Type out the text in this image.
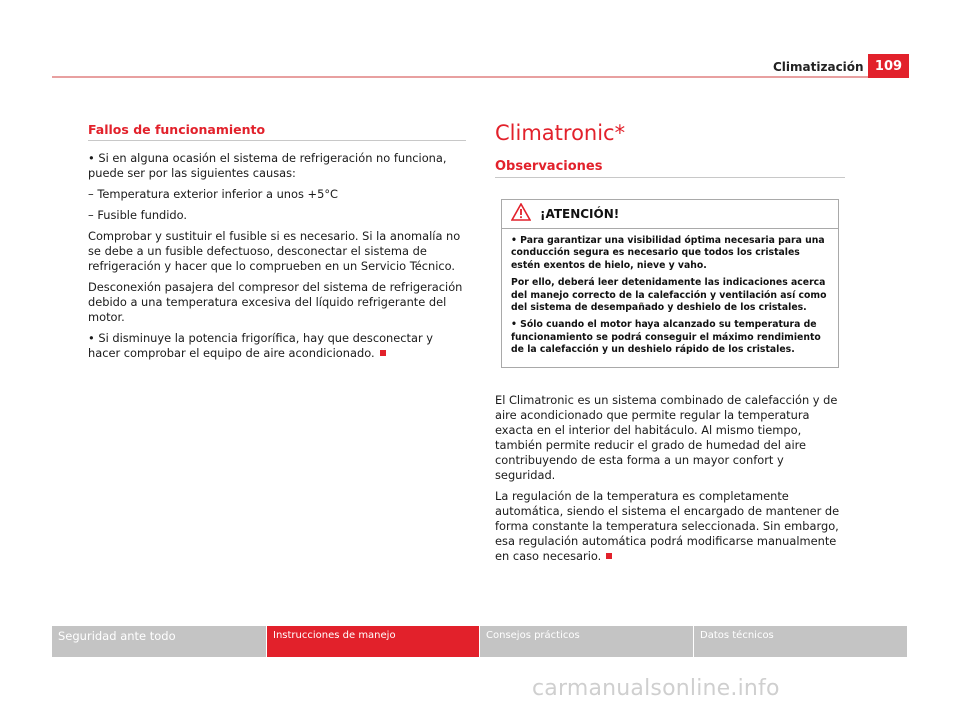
Climatización 109
Fallos de funcionamiento

• Si en alguna ocasión el sistema de refrigeración no funciona, puede ser por las siguientes causas:

– Temperatura exterior inferior a unos +5°C

– Fusible fundido.

Comprobar y sustituir el fusible si es necesario. Si la anomalía no se debe a un fusible defectuoso, desconectar el sistema de refrigeración y hacer que lo comprueben en un Servicio Técnico.

Desconexión pasajera del compresor del sistema de refrigeración debido a una temperatura excesiva del líquido refrigerante del motor.

• Si disminuye la potencia frigorífica, hay que desconectar y hacer comprobar el equipo de aire acondicionado.

Climatronic*
Observaciones
¡ATENCIÓN!

• Para garantizar una visibilidad óptima necesaria para una conducción segura es necesario que todos los cristales estén exentos de hielo, nieve y vaho.

Por ello, deberá leer detenidamente las indicaciones acerca del manejo correcto de la calefacción y ventilación así como del sistema de desempañado y deshielo de los cristales.

• Sólo cuando el motor haya alcanzado su temperatura de funcionamiento se podrá conseguir el máximo rendimiento de la calefacción y un deshielo rápido de los cristales.

El Climatronic es un sistema combinado de calefacción y de aire acondicionado que permite regular la temperatura exacta en el interior del habitáculo. Al mismo tiempo, también permite reducir el grado de humedad del aire contribuyendo de esta forma a un mayor confort y seguridad.

La regulación de la temperatura es completamente automática, siendo el sistema el encargado de mantener de forma constante la temperatura seleccionada. Sin embargo, esa regulación automática podrá modificarse manualmente en caso necesario.

Seguridad ante todo	Instrucciones de manejo	Consejos prácticos	Datos técnicos
carmanualsonline.info
